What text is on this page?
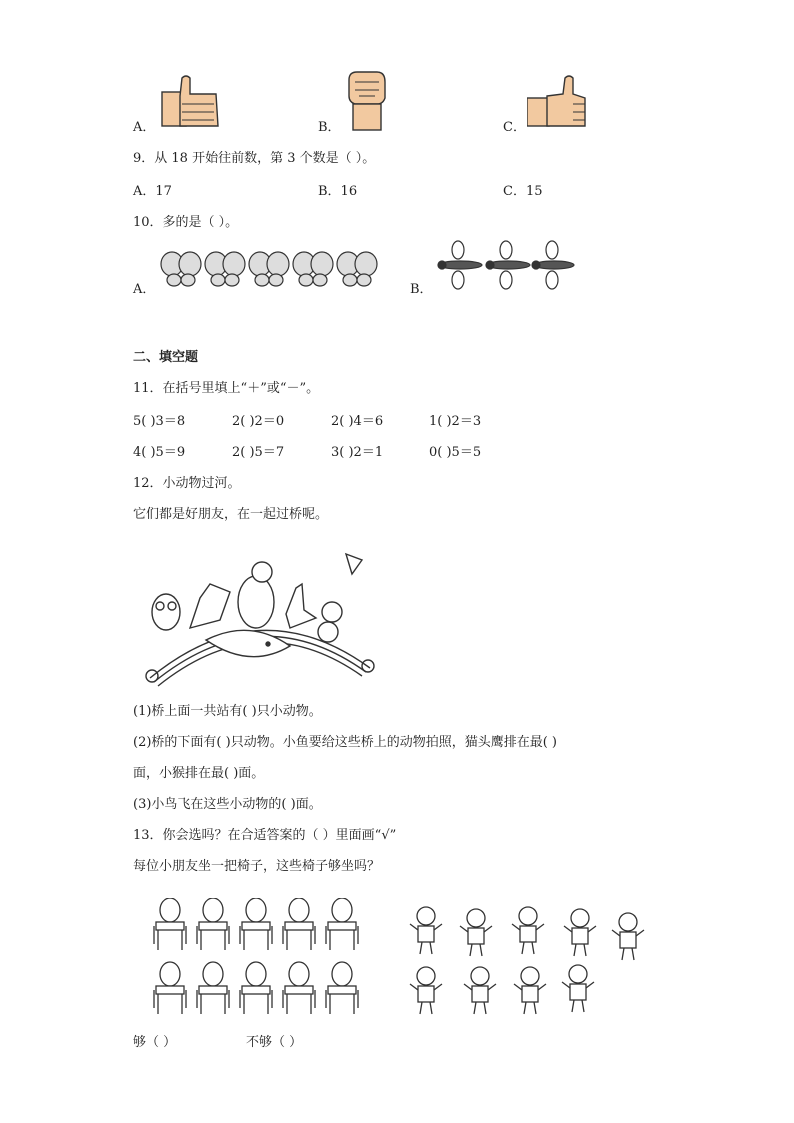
A．	B．	C．
9．从 18 开始往前数，第 3 个数是（ ）。
A．17	B．16	C．15
10．多的是（ ）。
A．	B．
二、填空题
11．在括号里填上“＋”或“－”。
5( )3＝8	2( )2＝0	2( )4＝6	1( )2＝3
4( )5＝9	2( )5＝7	3( )2＝1	0( )5＝5
12．小动物过河。
它们都是好朋友，在一起过桥呢。
(1)桥上面一共站有( )只小动物。
(2)桥的下面有( )只动物。小鱼要给这些桥上的动物拍照，猫头鹰排在最( )
面，小猴排在最( )面。
(3)小鸟飞在这些小动物的( )面。
13．你会选吗？在合适答案的（ ）里面画“√”
每位小朋友坐一把椅子，这些椅子够坐吗？
够（ ）	不够（ ）
